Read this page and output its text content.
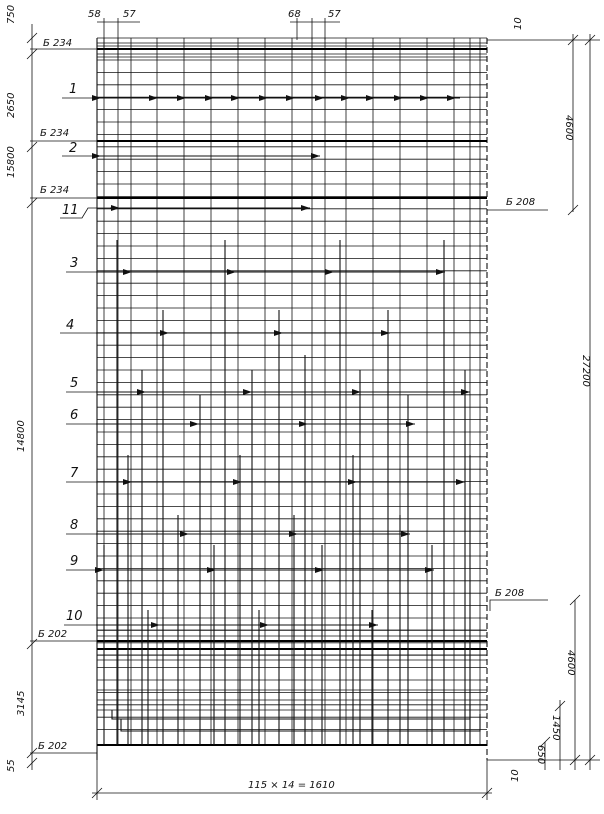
1
2
11
3
4
5
6
7
8
9
10
Б 234
Б 234
Б 234
Б 208
Б 208
Б 202
Б 202
750
2650
15800
14800
3145
55
58 57	68	57
10
4600
27200
4600
1450
650
10
115 × 14 = 1610
